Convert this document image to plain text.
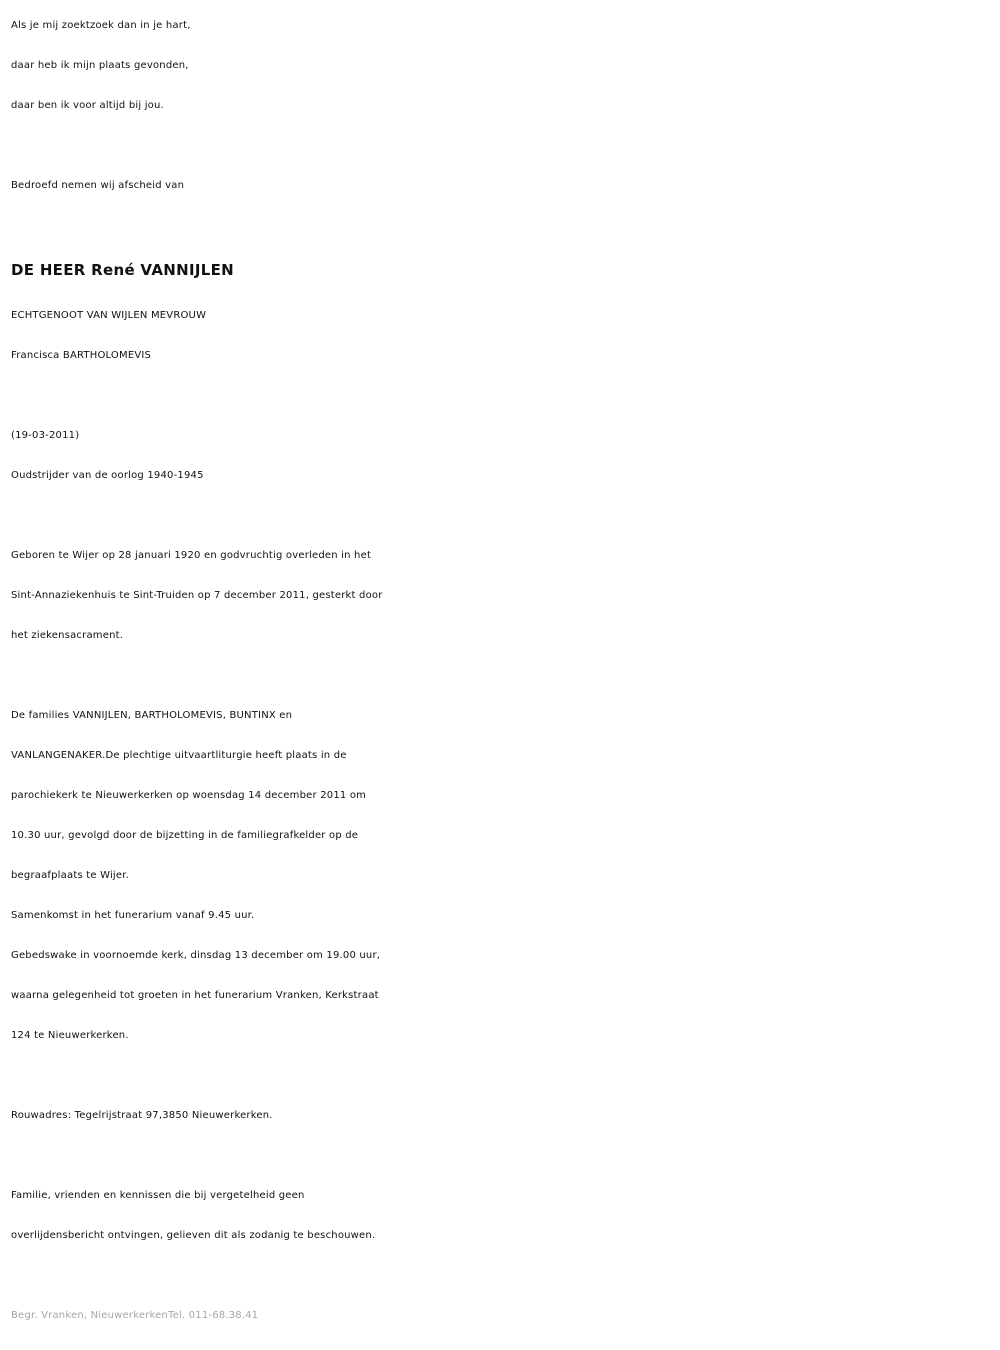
Als je mij zoektzoek dan in je hart,
daar heb ik mijn plaats gevonden,
daar ben ik voor altijd bij jou.
Bedroefd nemen wij afscheid van
DE HEER René VANNIJLEN
ECHTGENOOT VAN WIJLEN MEVROUW
Francisca BARTHOLOMEVIS
(19-03-2011)
Oudstrijder van de oorlog 1940-1945
Geboren te Wijer op 28 januari 1920 en godvruchtig overleden in het
Sint-Annaziekenhuis te Sint-Truiden op 7 december 2011, gesterkt door
het ziekensacrament.
De families VANNIJLEN, BARTHOLOMEVIS, BUNTINX en
VANLANGENAKER.De plechtige uitvaartliturgie heeft plaats in de
parochiekerk te Nieuwerkerken op woensdag 14 december 2011 om
10.30 uur, gevolgd door de bijzetting in de familiegrafkelder op de
begraafplaats te Wijer.
Samenkomst in het funerarium vanaf 9.45 uur.
Gebedswake in voornoemde kerk, dinsdag 13 december om 19.00 uur,
waarna gelegenheid tot groeten in het funerarium Vranken, Kerkstraat
124 te Nieuwerkerken.
Rouwadres: Tegelrijstraat 97,3850 Nieuwerkerken.
Familie, vrienden en kennissen die bij vergetelheid geen
overlijdensbericht ontvingen, gelieven dit als zodanig te beschouwen.
Begr. Vranken, NieuwerkerkenTel. 011-68.38.41
